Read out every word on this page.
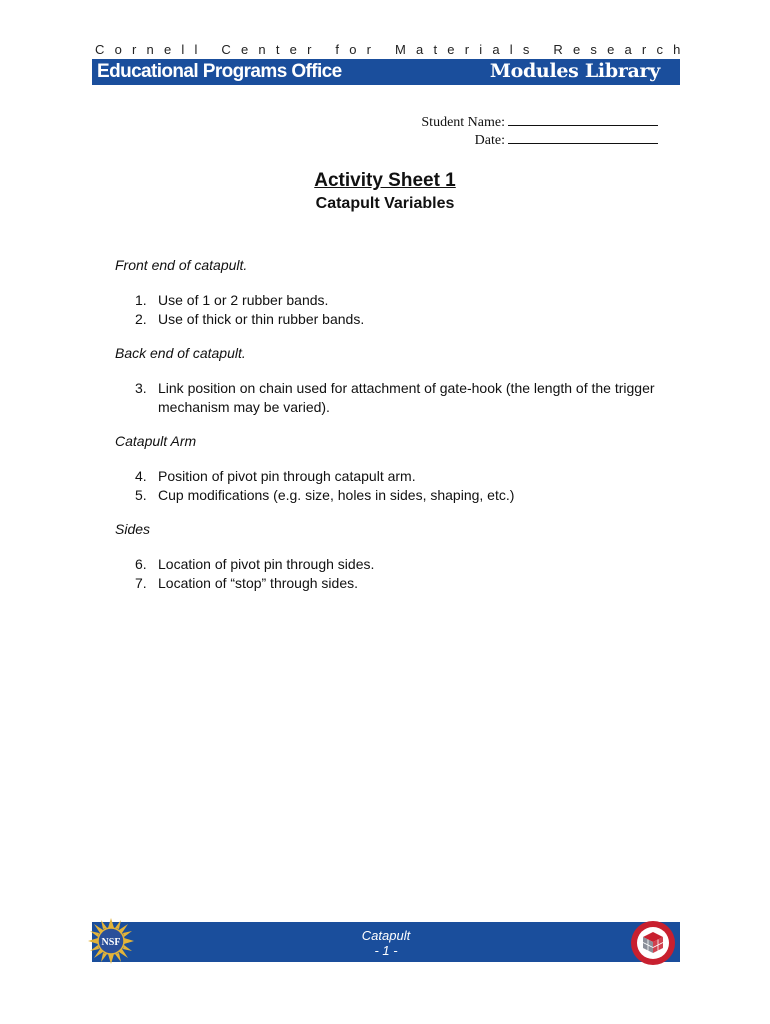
Cornell Center for Materials Research
Educational Programs Office	Modules Library
Student Name:
Date:
Activity Sheet 1
Catapult Variables

Front end of catapult.

1. Use of 1 or 2 rubber bands.
2. Use of thick or thin rubber bands.

Back end of catapult.

3. Link position on chain used for attachment of gate-hook (the length of the trigger mechanism may be varied).

Catapult Arm

4. Position of pivot pin through catapult arm.
5. Cup modifications (e.g. size, holes in sides, shaping, etc.)

Sides

6. Location of pivot pin through sides.
7. Location of “stop” through sides.
Catapult
- 1 -
NSF
